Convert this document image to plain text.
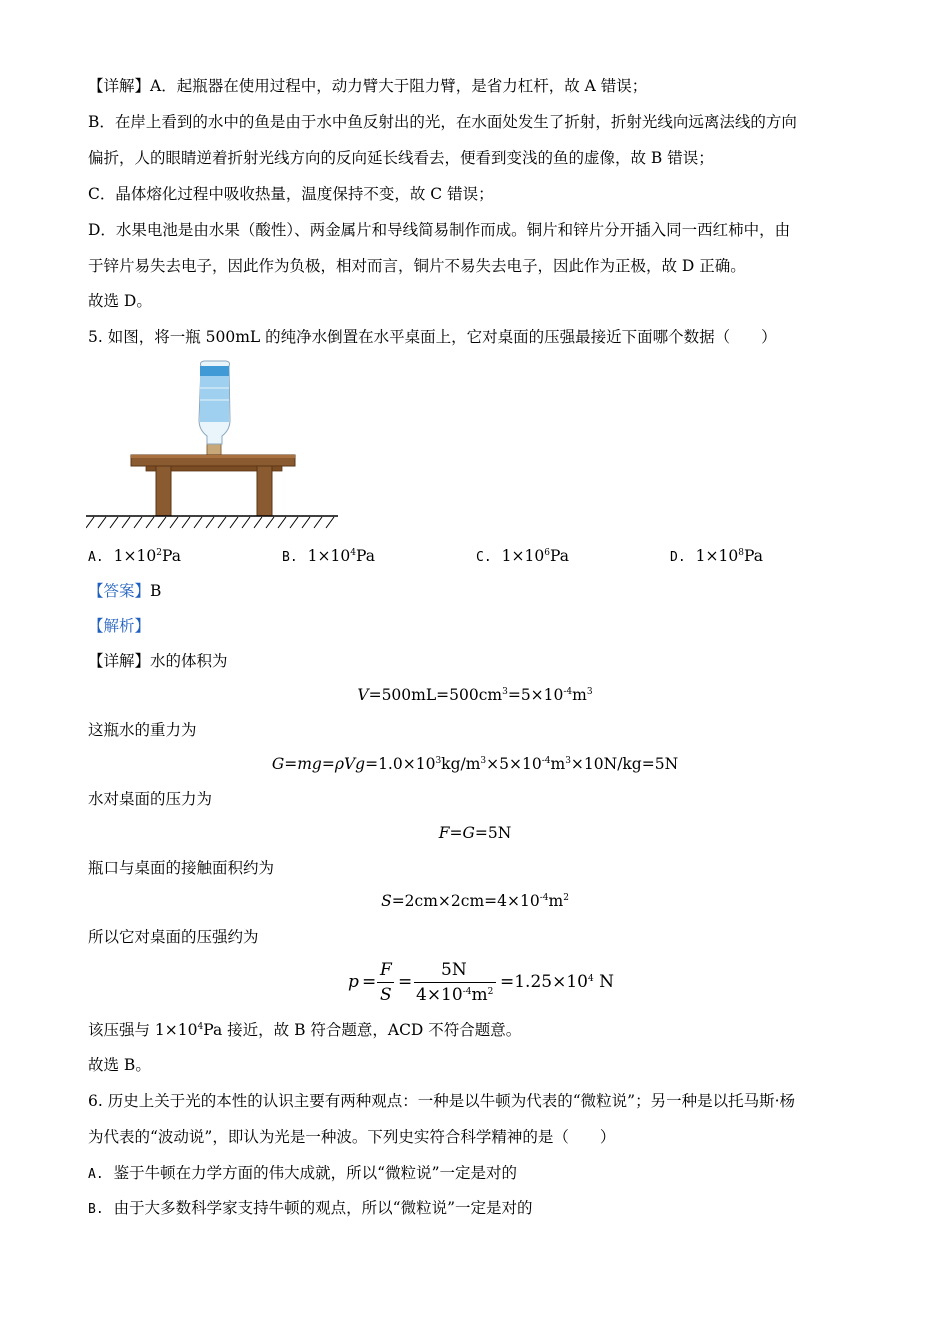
【详解】A．起瓶器在使用过程中，动力臂大于阻力臂，是省力杠杆，故 A 错误；
B．在岸上看到的水中的鱼是由于水中鱼反射出的光，在水面处发生了折射，折射光线向远离法线的方向
偏折，人的眼睛逆着折射光线方向的反向延长线看去，便看到变浅的鱼的虚像，故 B 错误；
C．晶体熔化过程中吸收热量，温度保持不变，故 C 错误；
D．水果电池是由水果（酸性）、两金属片和导线简易制作而成。铜片和锌片分开插入同一西红柿中，由
于锌片易失去电子，因此作为负极，相对而言，铜片不易失去电子，因此作为正极，故 D 正确。
故选 D。
5. 如图，将一瓶 500mL 的纯净水倒置在水平桌面上，它对桌面的压强最接近下面哪个数据（　　）
A. $1\times 10^2Pa$	B. $1\times 10^4Pa$	C. $1\times 10^6Pa$	D. $1\times 10^8Pa$
【答案】B
【解析】
【详解】水的体积为
$V=500mL=500cm^3=5\times 10^{-4}m^3$
这瓶水的重力为
$G=mg=\rho Vg=1.0\times 10^3kg/m^3\times 5\times 10^{-4}m^3\times 10N/kg=5N$
水对桌面的压力为
F=G=5N
瓶口与桌面的接触面积约为
$S=2cm\times 2cm=4\times 10^{-4}m^2$
所以它对桌面的压强约为
p =
F
S
=
5N
$4\times 10^{-4}m^2 =1.25\times 10^4$ N
该压强与 $1\times 10^4Pa$ 接近，故 B 符合题意，ACD 不符合题意。
故选 B。
6. 历史上关于光的本性的认识主要有两种观点：一种是以牛顿为代表的“微粒说”；另一种是以托马斯·杨
为代表的“波动说”，即认为光是一种波。下列史实符合科学精神的是（　　）
A. 鉴于牛顿在力学方面的伟大成就，所以“微粒说”一定是对的
B. 由于大多数科学家支持牛顿的观点，所以“微粒说”一定是对的
